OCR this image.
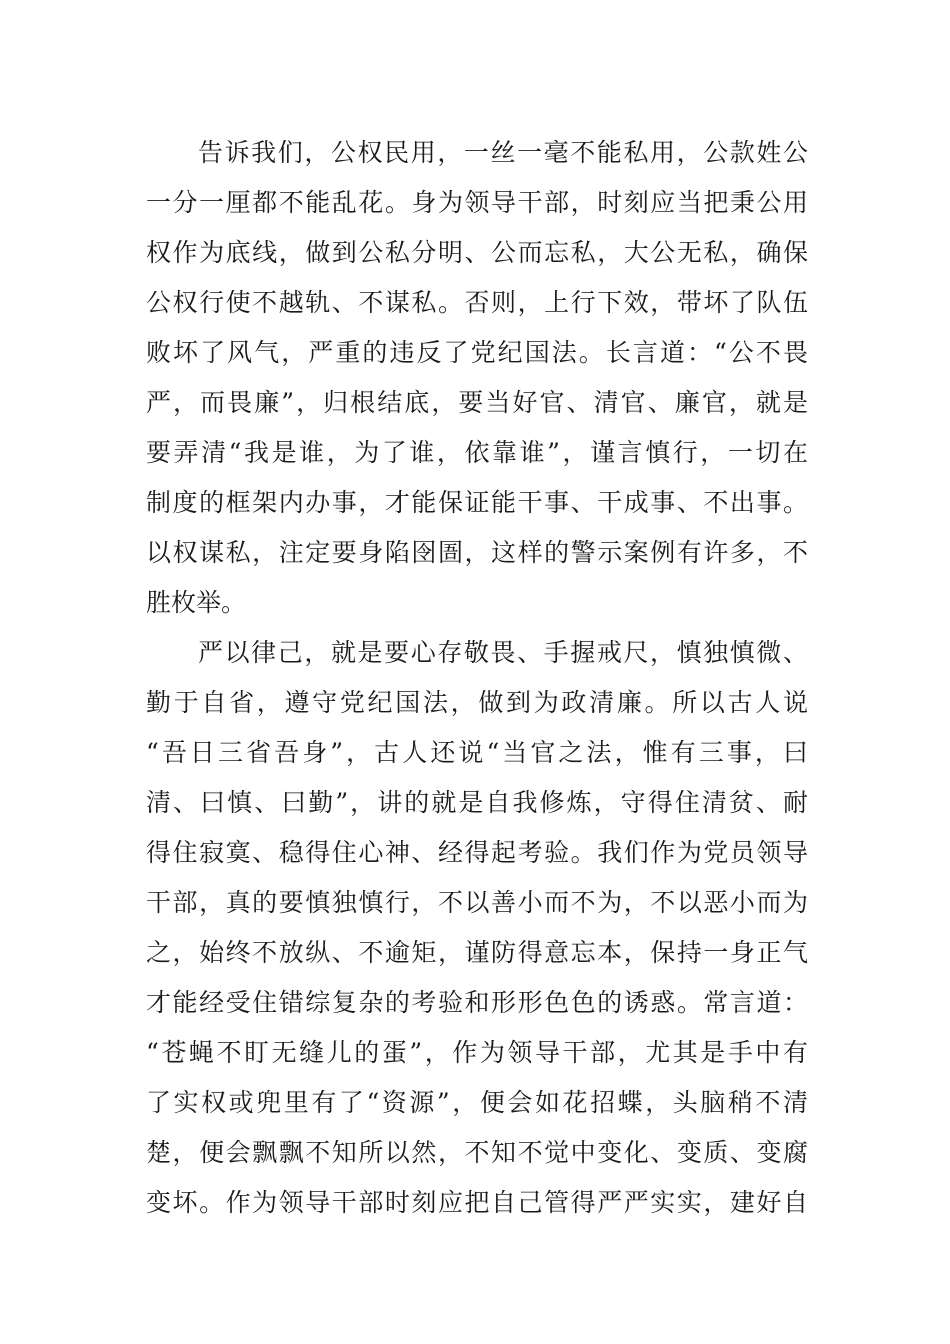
告诉我们，公权民用，一丝一毫不能私用，公款姓公
一分一厘都不能乱花。身为领导干部，时刻应当把秉公用
权作为底线，做到公私分明、公而忘私，大公无私，确保
公权行使不越轨、不谋私。否则，上行下效，带坏了队伍
败坏了风气，严重的违反了党纪国法。长言道：“公不畏
严，而畏廉”，归根结底，要当好官、清官、廉官，就是
要弄清“我是谁，为了谁，依靠谁”，谨言慎行，一切在
制度的框架内办事，才能保证能干事、干成事、不出事。
以权谋私，注定要身陷囹圄，这样的警示案例有许多，不
胜枚举。
严以律己，就是要心存敬畏、手握戒尺，慎独慎微、
勤于自省，遵守党纪国法，做到为政清廉。所以古人说
“吾日三省吾身”，古人还说“当官之法，惟有三事，曰
清、曰慎、曰勤”，讲的就是自我修炼，守得住清贫、耐
得住寂寞、稳得住心神、经得起考验。我们作为党员领导
干部，真的要慎独慎行，不以善小而不为，不以恶小而为
之，始终不放纵、不逾矩，谨防得意忘本，保持一身正气
才能经受住错综复杂的考验和形形色色的诱惑。常言道：
“苍蝇不盯无缝儿的蛋”，作为领导干部，尤其是手中有
了实权或兜里有了“资源”，便会如花招蝶，头脑稍不清
楚，便会飘飘不知所以然，不知不觉中变化、变质、变腐
变坏。作为领导干部时刻应把自己管得严严实实，建好自
